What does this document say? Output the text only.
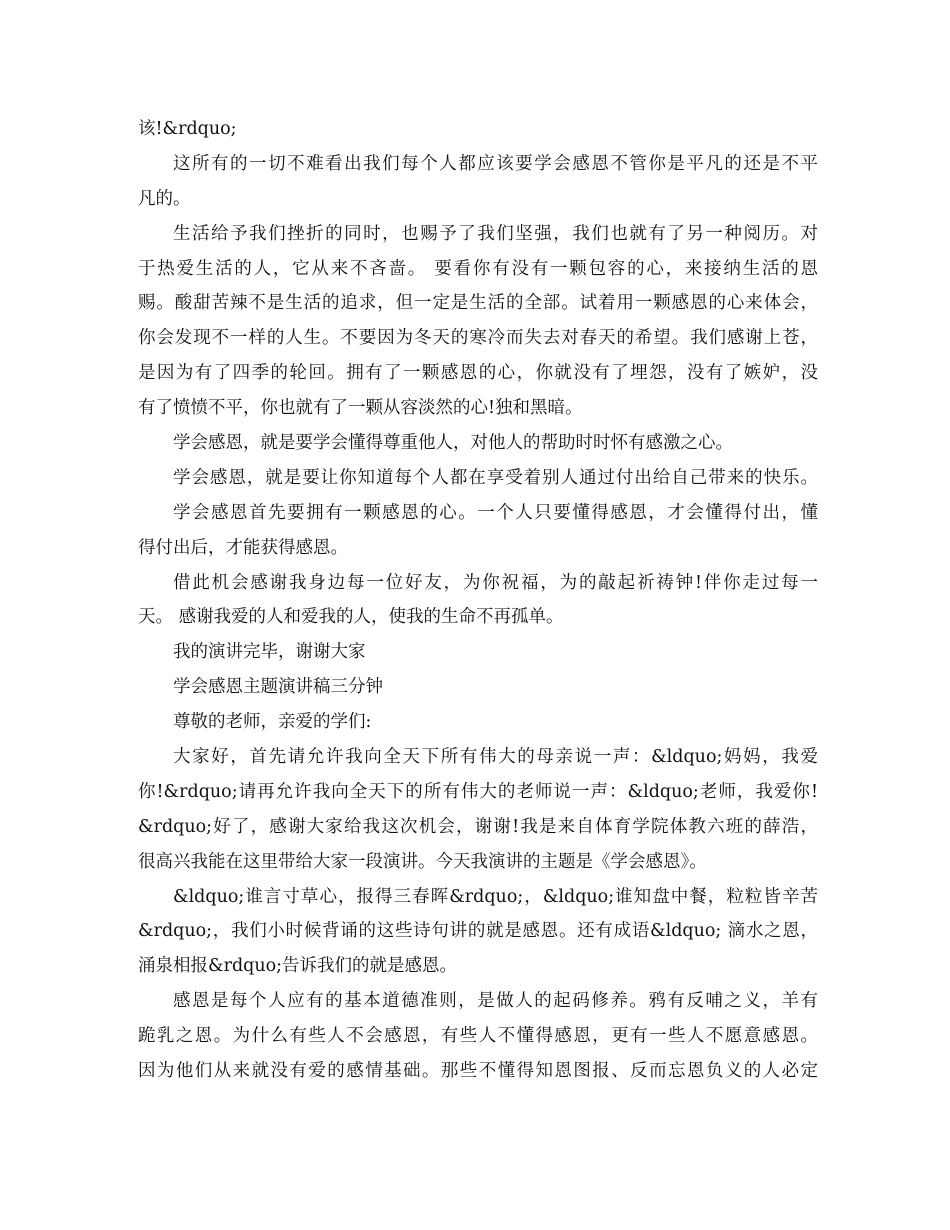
该!&rdquo;
这所有的一切不难看出我们每个人都应该要学会感恩不管你是平凡的还是不平
凡的。
生活给予我们挫折的同时，也赐予了我们坚强，我们也就有了另一种阅历。对
于热爱生活的人，它从来不吝啬。 要看你有没有一颗包容的心，来接纳生活的恩
赐。酸甜苦辣不是生活的追求，但一定是生活的全部。试着用一颗感恩的心来体会，
你会发现不一样的人生。不要因为冬天的寒冷而失去对春天的希望。我们感谢上苍，
是因为有了四季的轮回。拥有了一颗感恩的心，你就没有了埋怨，没有了嫉妒，没
有了愤愤不平，你也就有了一颗从容淡然的心!独和黑暗。
学会感恩，就是要学会懂得尊重他人，对他人的帮助时时怀有感激之心。
学会感恩，就是要让你知道每个人都在享受着别人通过付出给自己带来的快乐。
学会感恩首先要拥有一颗感恩的心。一个人只要懂得感恩，才会懂得付出，懂
得付出后，才能获得感恩。
借此机会感谢我身边每一位好友，为你祝福，为的敲起祈祷钟!伴你走过每一
天。 感谢我爱的人和爱我的人，使我的生命不再孤单。
我的演讲完毕，谢谢大家
学会感恩主题演讲稿三分钟
尊敬的老师，亲爱的学们:
大家好，首先请允许我向全天下所有伟大的母亲说一声：&ldquo;妈妈，我爱
你!&rdquo;请再允许我向全天下的所有伟大的老师说一声：&ldquo;老师，我爱你!
&rdquo;好了，感谢大家给我这次机会，谢谢!我是来自体育学院体教六班的薛浩，
很高兴我能在这里带给大家一段演讲。今天我演讲的主题是《学会感恩》。
&ldquo;谁言寸草心，报得三春晖&rdquo;，&ldquo;谁知盘中餐，粒粒皆辛苦
&rdquo;，我们小时候背诵的这些诗句讲的就是感恩。还有成语&ldquo; 滴水之恩，
涌泉相报&rdquo;告诉我们的就是感恩。
感恩是每个人应有的基本道德准则，是做人的起码修养。鸦有反哺之义，羊有
跪乳之恩。为什么有些人不会感恩，有些人不懂得感恩，更有一些人不愿意感恩。
因为他们从来就没有爱的感情基础。那些不懂得知恩图报、反而忘恩负义的人必定
